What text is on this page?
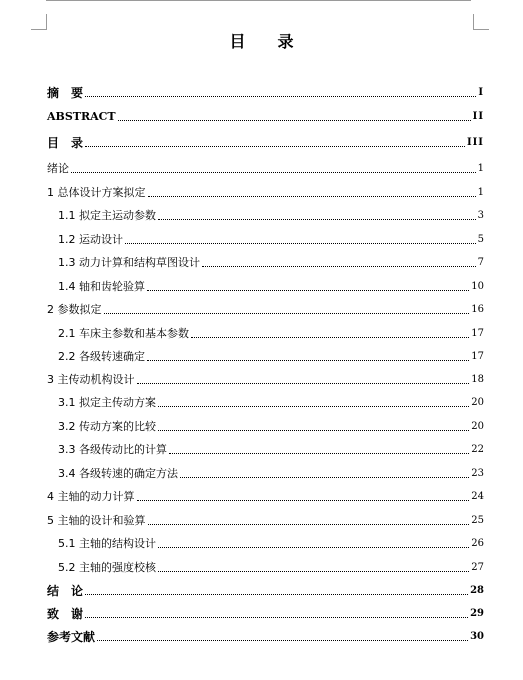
目　录
摘　要	I
ABSTRACT	II
目　录	III
绪论	1
1 总体设计方案拟定	1
1.1 拟定主运动参数	3
1.2 运动设计	5
1.3 动力计算和结构草图设计	7
1.4 轴和齿轮验算	10
2 参数拟定	16
2.1 车床主参数和基本参数	17
2.2 各级转速确定	17
3 主传动机构设计	18
3.1 拟定主传动方案	20
3.2 传动方案的比较	20
3.3 各级传动比的计算	22
3.4 各级转速的确定方法	23
4 主轴的动力计算	24
5 主轴的设计和验算	25
5.1 主轴的结构设计	26
5.2 主轴的强度校核	27
结　论	28
致　谢	29
参考文献	30
